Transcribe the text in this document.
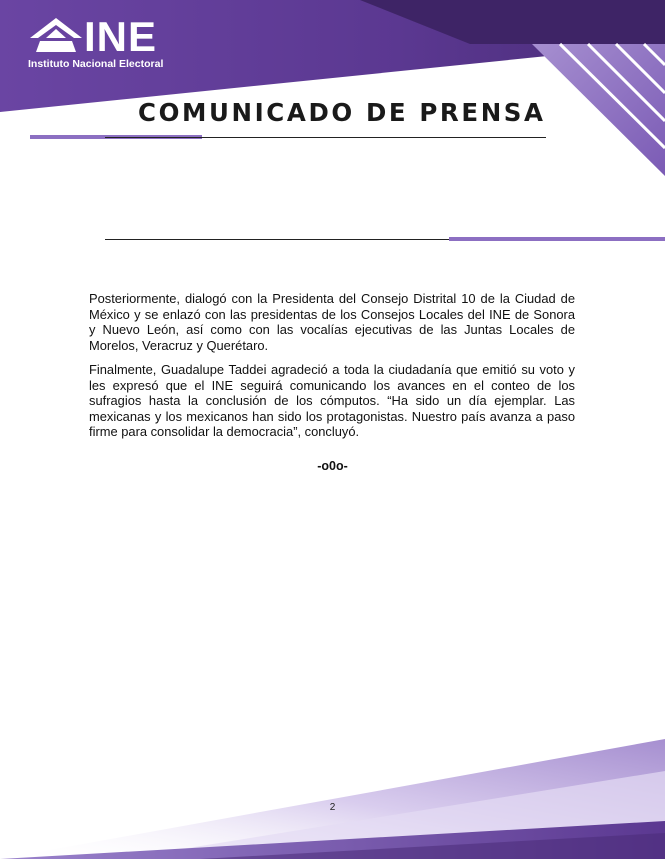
INE
Instituto Nacional Electoral
COMUNICADO DE PRENSA

Posteriormente, dialogó con la Presidenta del Consejo Distrital 10 de la Ciudad de México y se enlazó con las presidentas de los Consejos Locales del INE de Sonora y Nuevo León, así como con las vocalías ejecutivas de las Juntas Locales de Morelos, Veracruz y Querétaro.

Finalmente, Guadalupe Taddei agradeció a toda la ciudadanía que emitió su voto y les expresó que el INE seguirá comunicando los avances en el conteo de los sufragios hasta la conclusión de los cómputos. “Ha sido un día ejemplar. Las mexicanas y los mexicanos han sido los protagonistas. Nuestro país avanza a paso firme para consolidar la democracia”, concluyó.

-o0o-
2
